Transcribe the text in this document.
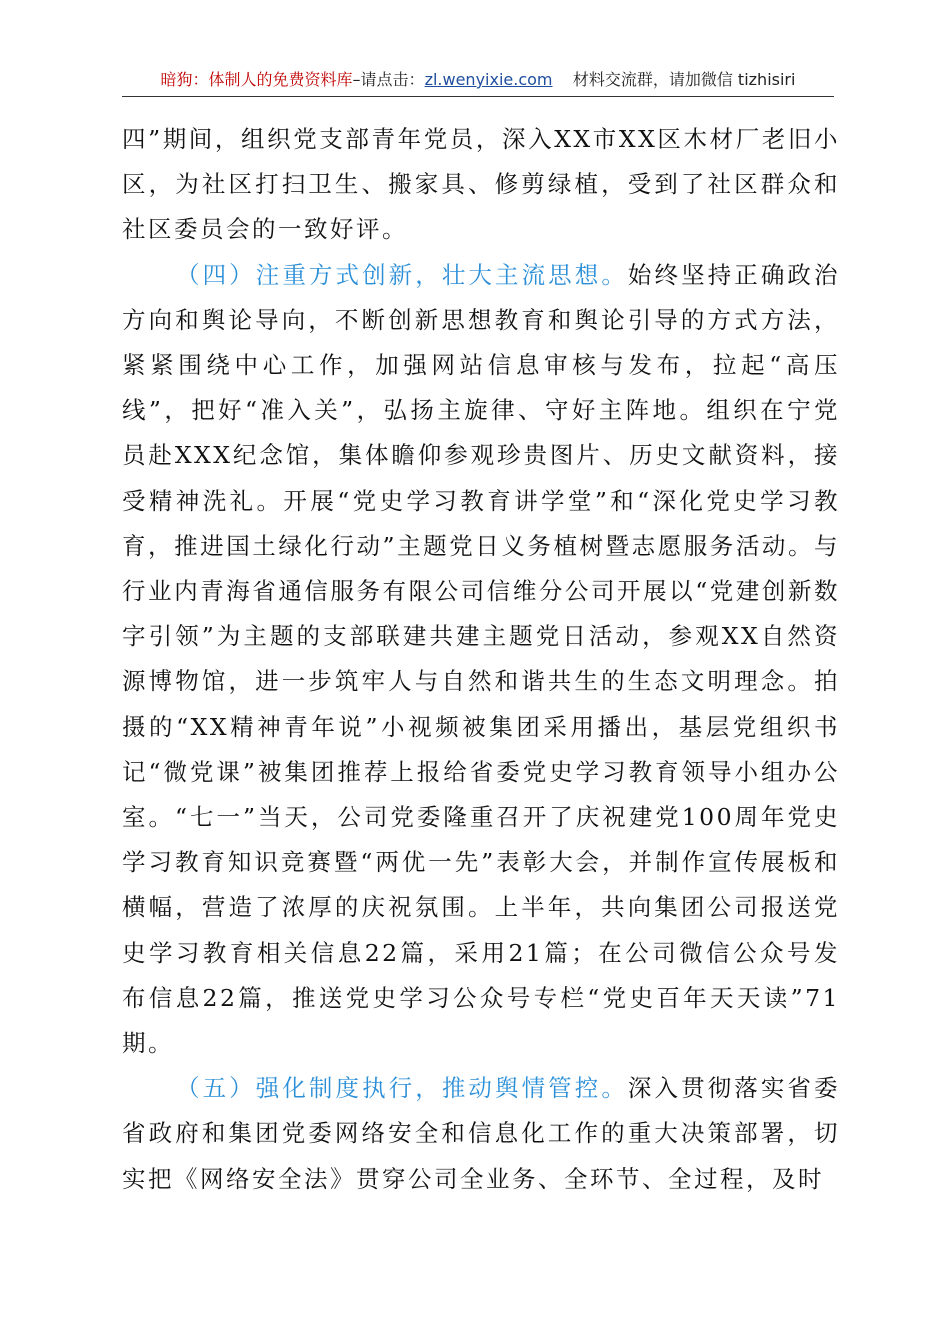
暗狗：体制人的免费资料库–请点击：zl.wenyixie.com 材料交流群，请加微信 tizhisiri

四”期间，组织党支部青年党员，深入XX市XX区木材厂老旧小区，为社区打扫卫生、搬家具、修剪绿植，受到了社区群众和社区委员会的一致好评。

（四）注重方式创新，壮大主流思想。始终坚持正确政治方向和舆论导向，不断创新思想教育和舆论引导的方式方法，紧紧围绕中心工作，加强网站信息审核与发布，拉起“高压线”，把好“准入关”，弘扬主旋律、守好主阵地。组织在宁党员赴XXX纪念馆，集体瞻仰参观珍贵图片、历史文献资料，接受精神洗礼。开展“党史学习教育讲学堂”和“深化党史学习教育，推进国土绿化行动”主题党日义务植树暨志愿服务活动。与行业内青海省通信服务有限公司信维分公司开展以“党建创新数字引领”为主题的支部联建共建主题党日活动，参观XX自然资源博物馆，进一步筑牢人与自然和谐共生的生态文明理念。拍摄的“XX精神青年说”小视频被集团采用播出，基层党组织书记“微党课”被集团推荐上报给省委党史学习教育领导小组办公室。“七一”当天，公司党委隆重召开了庆祝建党100周年党史学习教育知识竞赛暨“两优一先”表彰大会，并制作宣传展板和横幅，营造了浓厚的庆祝氛围。上半年，共向集团公司报送党史学习教育相关信息22篇，采用21篇；在公司微信公众号发布信息22篇，推送党史学习公众号专栏“党史百年天天读”71期。

（五）强化制度执行，推动舆情管控。深入贯彻落实省委省政府和集团党委网络安全和信息化工作的重大决策部署，切实把《网络安全法》贯穿公司全业务、全环节、全过程，及时
